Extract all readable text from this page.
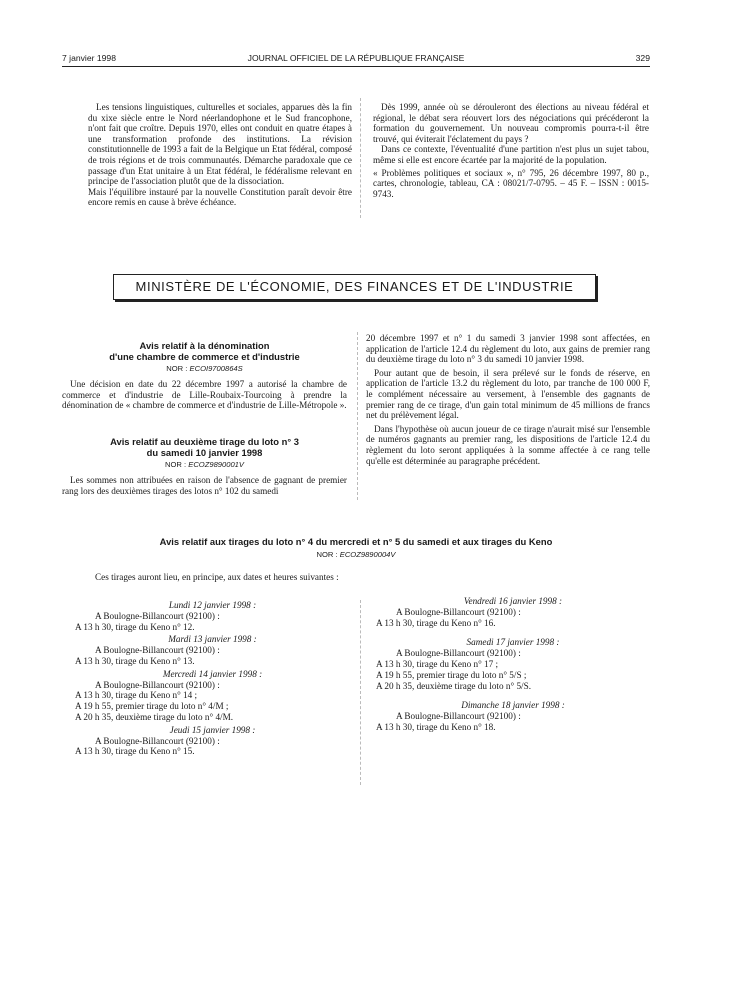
7 janvier 1998	JOURNAL OFFICIEL DE LA RÉPUBLIQUE FRANÇAISE	329

Les tensions linguistiques, culturelles et sociales, apparues dès la fin du xixe siècle entre le Nord néerlandophone et le Sud francophone, n'ont fait que croître. Depuis 1970, elles ont conduit en quatre étapes à une transformation profonde des institutions. La révision constitutionnelle de 1993 a fait de la Belgique un Etat fédéral, composé de trois régions et de trois communautés. Démarche paradoxale que ce passage d'un Etat unitaire à un Etat fédéral, le fédéralisme relevant en principe de l'association plutôt que de la dissociation.

Mais l'équilibre instauré par la nouvelle Constitution paraît devoir être encore remis en cause à brève échéance.

Dès 1999, année où se dérouleront des élections au niveau fédéral et régional, le débat sera réouvert lors des négociations qui précéderont la formation du gouvernement. Un nouveau compromis pourra-t-il être trouvé, qui éviterait l'éclatement du pays ?

Dans ce contexte, l'éventualité d'une partition n'est plus un sujet tabou, même si elle est encore écartée par la majorité de la population.

« Problèmes politiques et sociaux », n° 795, 26 décembre 1997, 80 p., cartes, chronologie, tableau, CA : 08021/7-0795. – 45 F. – ISSN : 0015-9743.

MINISTÈRE DE L'ÉCONOMIE, DES FINANCES ET DE L'INDUSTRIE
Avis relatif à la dénomination
d'une chambre de commerce et d'industrie
NOR : ECOI9700864S

Une décision en date du 22 décembre 1997 a autorisé la chambre de commerce et d'industrie de Lille-Roubaix-Tourcoing à prendre la dénomination de « chambre de commerce et d'industrie de Lille-Métropole ».

Avis relatif au deuxième tirage du loto n° 3
du samedi 10 janvier 1998
NOR : ECOZ9890001V

Les sommes non attribuées en raison de l'absence de gagnant de premier rang lors des deuxièmes tirages des lotos n° 102 du samedi

20 décembre 1997 et n° 1 du samedi 3 janvier 1998 sont affectées, en application de l'article 12.4 du règlement du loto, aux gains de premier rang du deuxième tirage du loto n° 3 du samedi 10 janvier 1998.

Pour autant que de besoin, il sera prélevé sur le fonds de réserve, en application de l'article 13.2 du règlement du loto, par tranche de 100 000 F, le complément nécessaire au versement, à l'ensemble des gagnants de premier rang de ce tirage, d'un gain total minimum de 45 millions de francs net du prélèvement légal.

Dans l'hypothèse où aucun joueur de ce tirage n'aurait misé sur l'ensemble de numéros gagnants au premier rang, les dispositions de l'article 12.4 du règlement du loto seront appliquées à la somme affectée à ce rang telle qu'elle est déterminée au paragraphe précédent.

Avis relatif aux tirages du loto n° 4 du mercredi et n° 5 du samedi et aux tirages du Keno
NOR : ECOZ9890004V

Ces tirages auront lieu, en principe, aux dates et heures suivantes :

Lundi 12 janvier 1998 :
A Boulogne-Billancourt (92100) :
A 13 h 30, tirage du Keno n° 12.
Mardi 13 janvier 1998 :
A Boulogne-Billancourt (92100) :
A 13 h 30, tirage du Keno n° 13.
Mercredi 14 janvier 1998 :
A Boulogne-Billancourt (92100) :
A 13 h 30, tirage du Keno n° 14 ;
A 19 h 55, premier tirage du loto n° 4/M ;
A 20 h 35, deuxième tirage du loto n° 4/M.
Jeudi 15 janvier 1998 :
A Boulogne-Billancourt (92100) :
A 13 h 30, tirage du Keno n° 15.
Vendredi 16 janvier 1998 :
A Boulogne-Billancourt (92100) :
A 13 h 30, tirage du Keno n° 16.
Samedi 17 janvier 1998 :
A Boulogne-Billancourt (92100) :
A 13 h 30, tirage du Keno n° 17 ;
A 19 h 55, premier tirage du loto n° 5/S ;
A 20 h 35, deuxième tirage du loto n° 5/S.
Dimanche 18 janvier 1998 :
A Boulogne-Billancourt (92100) :
A 13 h 30, tirage du Keno n° 18.
